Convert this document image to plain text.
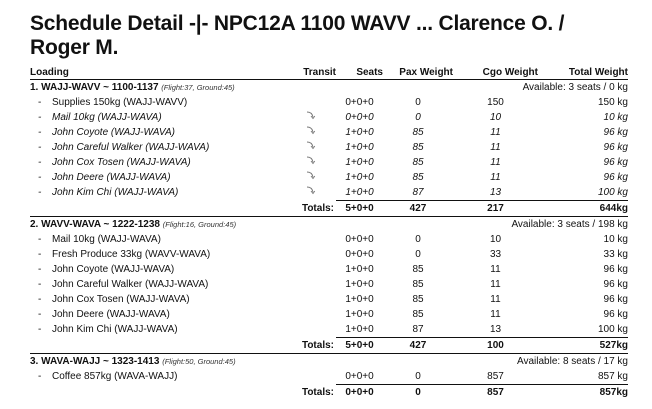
Schedule Detail -|- NPC12A 1100 WAVV ... Clarence O. / Roger M.
Loading	Transit	Seats	Pax Weight	Cgo Weight	Total Weight
1. WAJJ-WAVV ~ 1100-1137 (Flight:37, Ground:45)			Available: 3 seats / 0 kg		
- Supplies 150kg (WAJJ-WAVV)		0+0+0	0	150	150 kg
- Mail 10kg (WAJJ-WAVA)		0+0+0	0	10	10 kg
- John Coyote (WAJJ-WAVA)		1+0+0	85	11	96 kg
- John Careful Walker (WAJJ-WAVA)		1+0+0	85	11	96 kg
- John Cox Tosen (WAJJ-WAVA)		1+0+0	85	11	96 kg
- John Deere (WAJJ-WAVA)		1+0+0	85	11	96 kg
- John Kim Chi (WAJJ-WAVA)		1+0+0	87	13	100 kg
Totals:		5+0+0	427	217	644kg
2. WAVV-WAVA ~ 1222-1238 (Flight:16, Ground:45)			Available: 3 seats / 198 kg		
- Mail 10kg (WAJJ-WAVA)		0+0+0	0	10	10 kg
- Fresh Produce 33kg (WAVV-WAVA)		0+0+0	0	33	33 kg
- John Coyote (WAJJ-WAVA)		1+0+0	85	11	96 kg
- John Careful Walker (WAJJ-WAVA)		1+0+0	85	11	96 kg
- John Cox Tosen (WAJJ-WAVA)		1+0+0	85	11	96 kg
- John Deere (WAJJ-WAVA)		1+0+0	85	11	96 kg
- John Kim Chi (WAJJ-WAVA)		1+0+0	87	13	100 kg
Totals:		5+0+0	427	100	527kg
3. WAVA-WAJJ ~ 1323-1413 (Flight:50, Ground:45)			Available: 8 seats / 17 kg		
- Coffee 857kg (WAVA-WAJJ)		0+0+0	0	857	857 kg
Totals:		0+0+0	0	857	857kg
